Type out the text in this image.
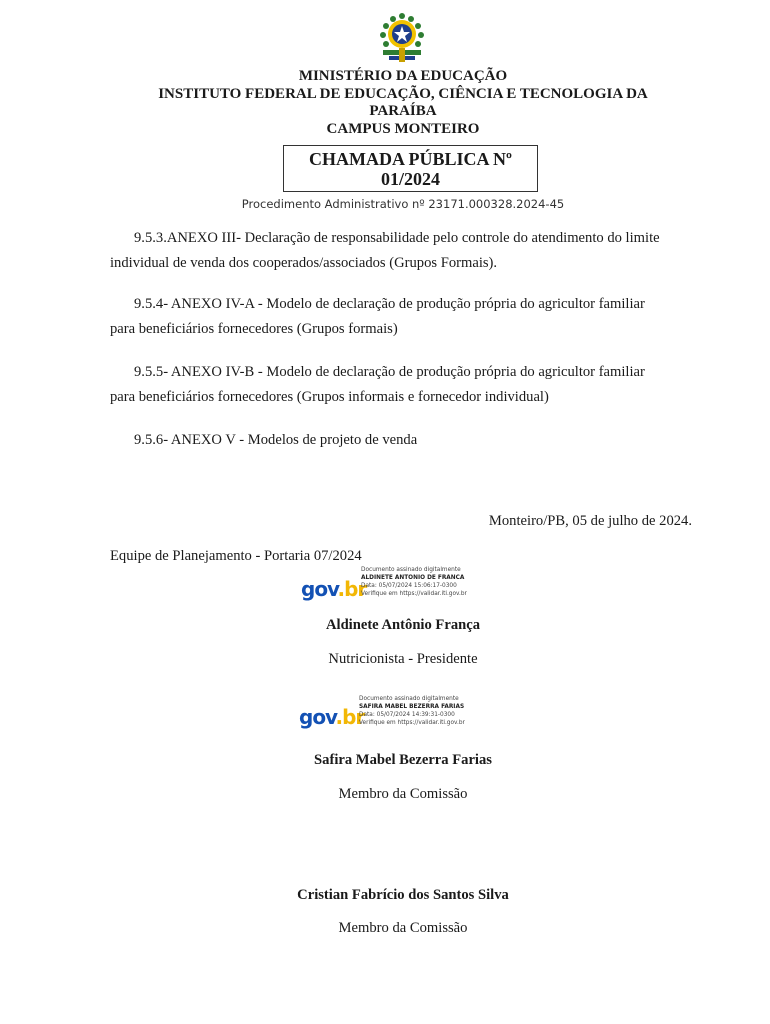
MINISTÉRIO DA EDUCAÇÃO
INSTITUTO FEDERAL DE EDUCAÇÃO, CIÊNCIA E TECNOLOGIA DA
PARAÍBA
CAMPUS MONTEIRO
CHAMADA PÚBLICA Nº
01/2024
Procedimento Administrativo nº 23171.000328.2024-45
9.5.3.ANEXO III- Declaração de responsabilidade pelo controle do atendimento do limite
individual de venda dos cooperados/associados (Grupos Formais).
9.5.4- ANEXO IV-A - Modelo de declaração de produção própria do agricultor familiar
para beneficiários fornecedores (Grupos formais)
9.5.5- ANEXO IV-B - Modelo de declaração de produção própria do agricultor familiar
para beneficiários fornecedores (Grupos informais e fornecedor individual)
9.5.6- ANEXO V - Modelos de projeto de venda
Monteiro/PB, 05 de julho de 2024.
Equipe de Planejamento - Portaria 07/2024
gov.br
Documento assinado digitalmente
ALDINETE ANTONIO DE FRANCA
Data: 05/07/2024 15:06:17-0300
Verifique em https://validar.iti.gov.br
Aldinete Antônio França
Nutricionista - Presidente
gov.br
Documento assinado digitalmente
SAFIRA MABEL BEZERRA FARIAS
Data: 05/07/2024 14:39:31-0300
Verifique em https://validar.iti.gov.br
Safira Mabel Bezerra Farias
Membro da Comissão
Cristian Fabrício dos Santos Silva
Membro da Comissão
